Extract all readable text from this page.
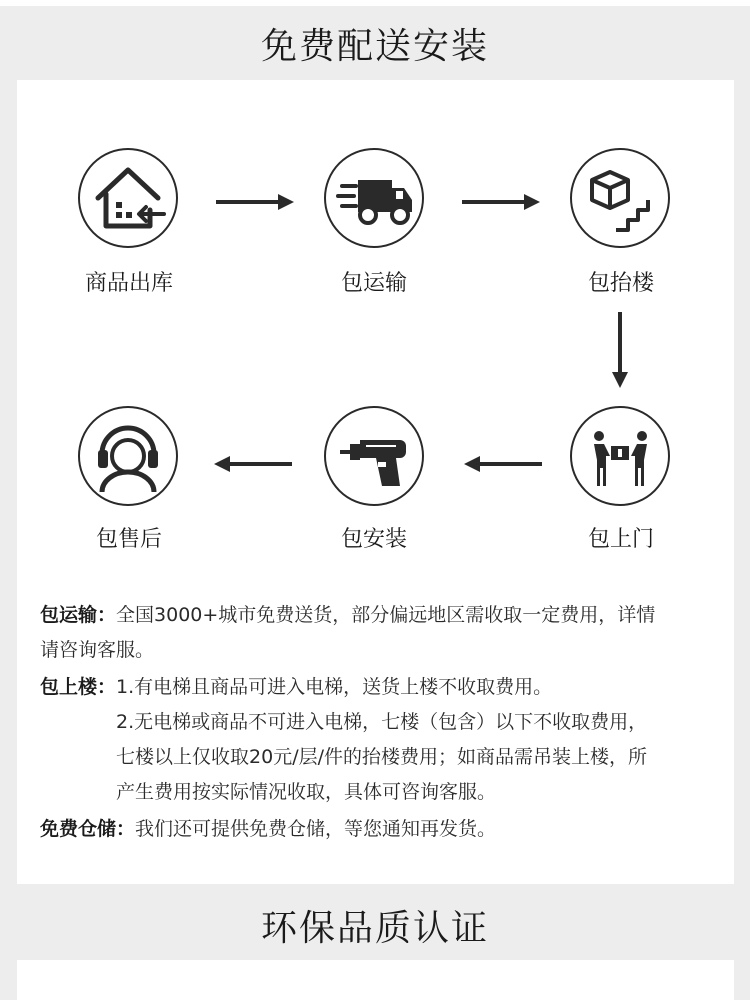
免费配送安装
商品出库	包运输	包抬楼
包上门
包安装
包售后
包运输： 全国3000+城市免费送货，部分偏远地区需收取一定费用，详情
请咨询客服。
包上楼： 1.有电梯且商品可进入电梯，送货上楼不收取费用。
2.无电梯或商品不可进入电梯，七楼（包含）以下不收取费用，
七楼以上仅收取20元/层/件的抬楼费用；如商品需吊装上楼，所
产生费用按实际情况收取，具体可咨询客服。
免费仓储： 我们还可提供免费仓储，等您通知再发货。
环保品质认证
